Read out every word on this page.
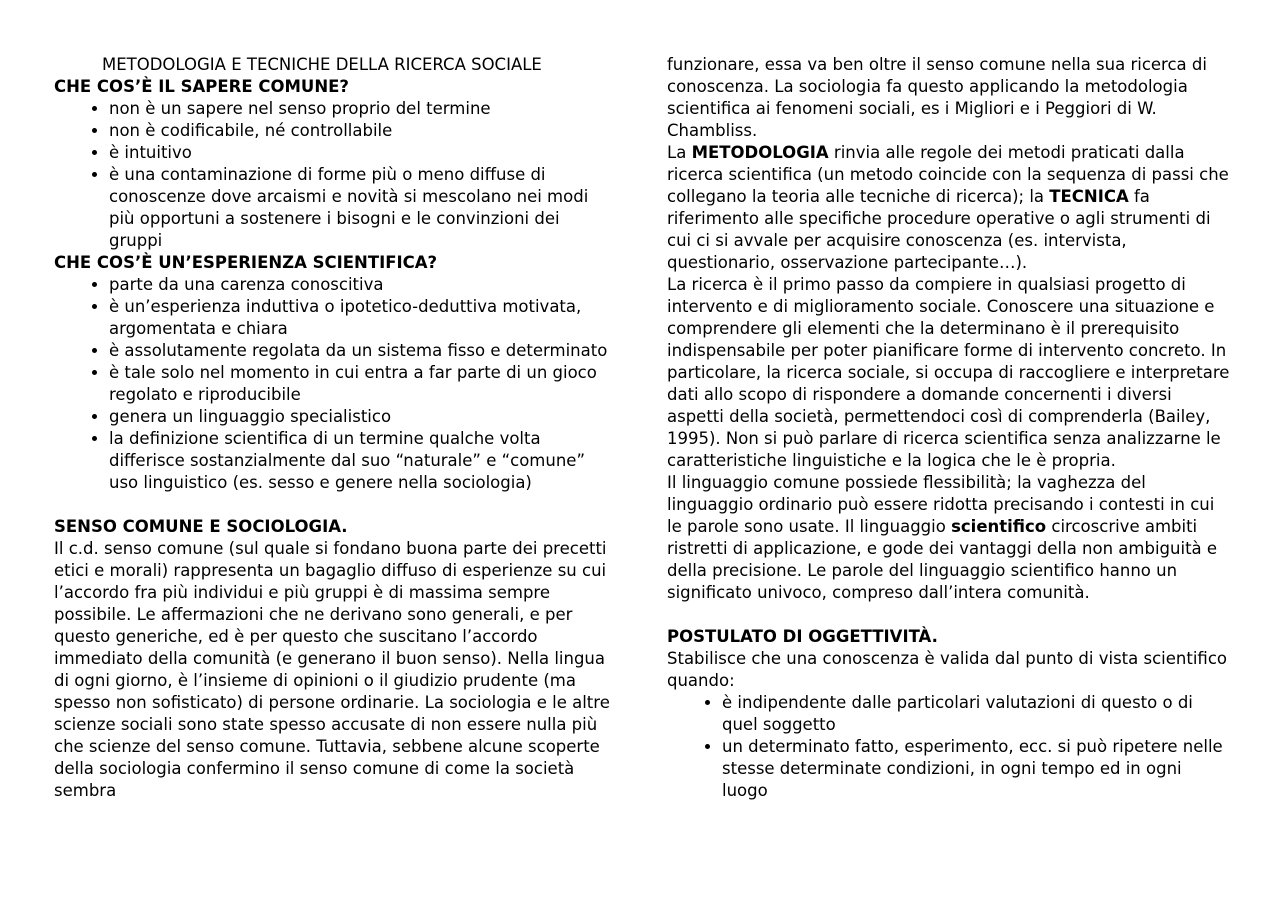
METODOLOGIA E TECNICHE DELLA RICERCA SOCIALE
CHE COS’È IL SAPERE COMUNE?
• non è un sapere nel senso proprio del termine
• non è codificabile, né controllabile
• è intuitivo
• è una contaminazione di forme più o meno diffuse di conoscenze dove arcaismi e novità si mescolano nei modi più opportuni a sostenere i bisogni e le convinzioni dei gruppi
CHE COS’È UN’ESPERIENZA SCIENTIFICA?
• parte da una carenza conoscitiva
• è un’esperienza induttiva o ipotetico-deduttiva motivata, argomentata e chiara
• è assolutamente regolata da un sistema fisso e determinato
• è tale solo nel momento in cui entra a far parte di un gioco regolato e riproducibile
• genera un linguaggio specialistico
• la definizione scientifica di un termine qualche volta differisce sostanzialmente dal suo “naturale” e “comune” uso linguistico (es. sesso e genere nella sociologia)
SENSO COMUNE E SOCIOLOGIA.

Il c.d. senso comune (sul quale si fondano buona parte dei precetti etici e morali) rappresenta un bagaglio diffuso di esperienze su cui l’accordo fra più individui e più gruppi è di massima sempre possibile. Le affermazioni che ne derivano sono generali, e per questo generiche, ed è per questo che suscitano l’accordo immediato della comunità (e generano il buon senso). Nella lingua di ogni giorno, è l’insieme di opinioni o il giudizio prudente (ma spesso non sofisticato) di persone ordinarie. La sociologia e le altre scienze sociali sono state spesso accusate di non essere nulla più che scienze del senso comune. Tuttavia, sebbene alcune scoperte della sociologia confermino il senso comune di come la società sembra

funzionare, essa va ben oltre il senso comune nella sua ricerca di conoscenza. La sociologia fa questo applicando la metodologia scientifica ai fenomeni sociali, es i Migliori e i Peggiori di W. Chambliss.

La METODOLOGIA rinvia alle regole dei metodi praticati dalla ricerca scientifica (un metodo coincide con la sequenza di passi che collegano la teoria alle tecniche di ricerca); la TECNICA fa riferimento alle specifiche procedure operative o agli strumenti di cui ci si avvale per acquisire conoscenza (es. intervista, questionario, osservazione partecipante…).

La ricerca è il primo passo da compiere in qualsiasi progetto di intervento e di miglioramento sociale. Conoscere una situazione e comprendere gli elementi che la determinano è il prerequisito indispensabile per poter pianificare forme di intervento concreto. In particolare, la ricerca sociale, si occupa di raccogliere e interpretare dati allo scopo di rispondere a domande concernenti i diversi aspetti della società, permettendoci così di comprenderla (Bailey, 1995). Non si può parlare di ricerca scientifica senza analizzarne le caratteristiche linguistiche e la logica che le è propria.

Il linguaggio comune possiede flessibilità; la vaghezza del linguaggio ordinario può essere ridotta precisando i contesti in cui le parole sono usate. Il linguaggio scientifico circoscrive ambiti ristretti di applicazione, e gode dei vantaggi della non ambiguità e della precisione. Le parole del linguaggio scientifico hanno un significato univoco, compreso dall’intera comunità.

POSTULATO DI OGGETTIVITÀ.

Stabilisce che una conoscenza è valida dal punto di vista scientifico quando:

• è indipendente dalle particolari valutazioni di questo o di quel soggetto
• un determinato fatto, esperimento, ecc. si può ripetere nelle stesse determinate condizioni, in ogni tempo ed in ogni luogo
